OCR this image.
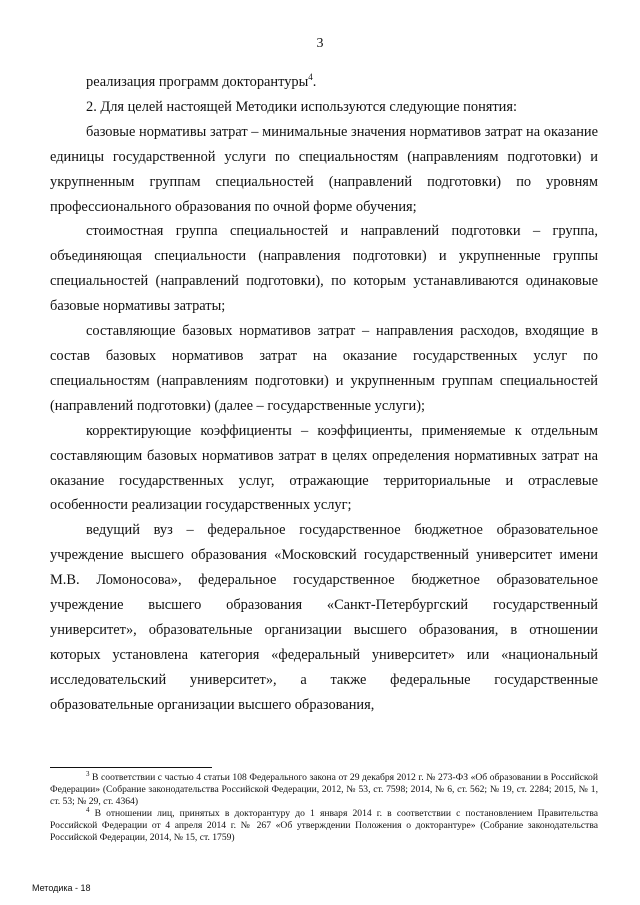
3

реализация программ докторантуры$^4$.

2. Для целей настоящей Методики используются следующие понятия:

базовые нормативы затрат – минимальные значения нормативов затрат на оказание единицы государственной услуги по специальностям (направлениям подготовки) и укрупненным группам специальностей (направлений подготовки) по уровням профессионального образования по очной форме обучения;

стоимостная группа специальностей и направлений подготовки – группа, объединяющая специальности (направления подготовки) и укрупненные группы специальностей (направлений подготовки), по которым устанавливаются одинаковые базовые нормативы затраты;

составляющие базовых нормативов затрат – направления расходов, входящие в состав базовых нормативов затрат на оказание государственных услуг по специальностям (направлениям подготовки) и укрупненным группам специальностей (направлений подготовки) (далее – государственные услуги);

корректирующие коэффициенты – коэффициенты, применяемые к отдельным составляющим базовых нормативов затрат в целях определения нормативных затрат на оказание государственных услуг, отражающие территориальные и отраслевые особенности реализации государственных услуг;

ведущий вуз – федеральное государственное бюджетное образовательное учреждение высшего образования «Московский государственный университет имени М.В. Ломоносова», федеральное государственное бюджетное образовательное учреждение высшего образования «Санкт-Петербургский государственный университет», образовательные организации высшего образования, в отношении которых установлена категория «федеральный университет» или «национальный исследовательский университет», а также федеральные государственные образовательные организации высшего образования,

$^3$ В соответствии с частью 4 статьи 108 Федерального закона от 29 декабря 2012 г. № 273-ФЗ «Об образовании в Российской Федерации» (Собрание законодательства Российской Федерации, 2012, № 53, ст. 7598; 2014, № 6, ст. 562; № 19, ст. 2284; 2015, № 1, ст. 53; № 29, ст. 4364)

$^4$ В отношении лиц, принятых в докторантуру до 1 января 2014 г. в соответствии с постановлением Правительства Российской Федерации от 4 апреля 2014 г. № 267 «Об утверждении Положения о докторантуре» (Собрание законодательства Российской Федерации, 2014, № 15, ст. 1759)

Методика - 18
